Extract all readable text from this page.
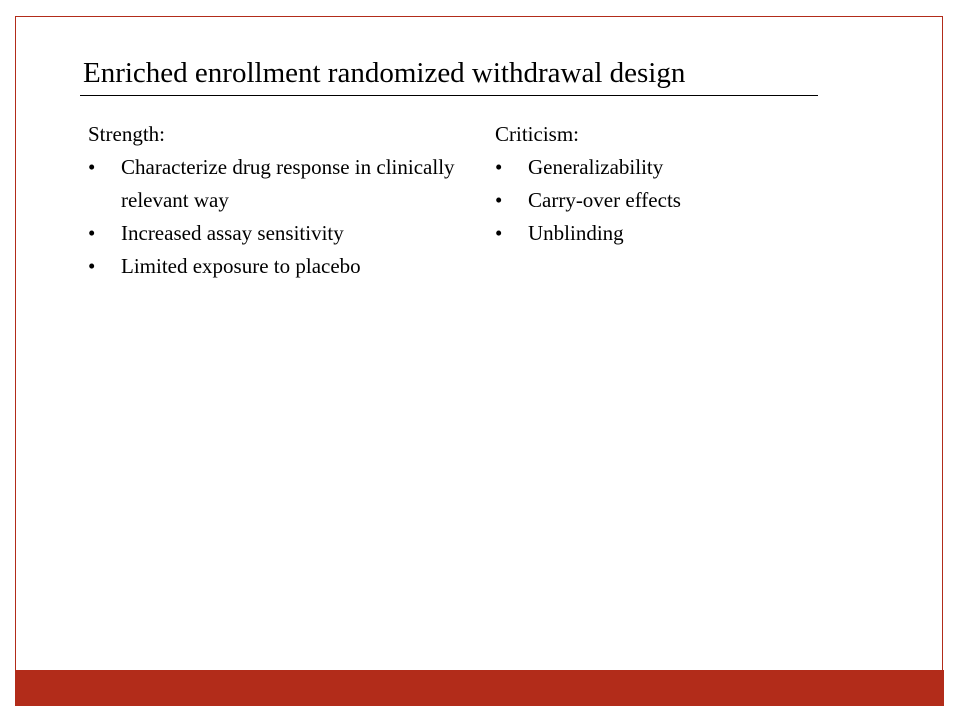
Enriched enrollment randomized withdrawal design

Strength:

• Characterize drug response in clinically relevant way
• Increased assay sensitivity
• Limited exposure to placebo

Criticism:

• Generalizability
• Carry-over effects
• Unblinding
